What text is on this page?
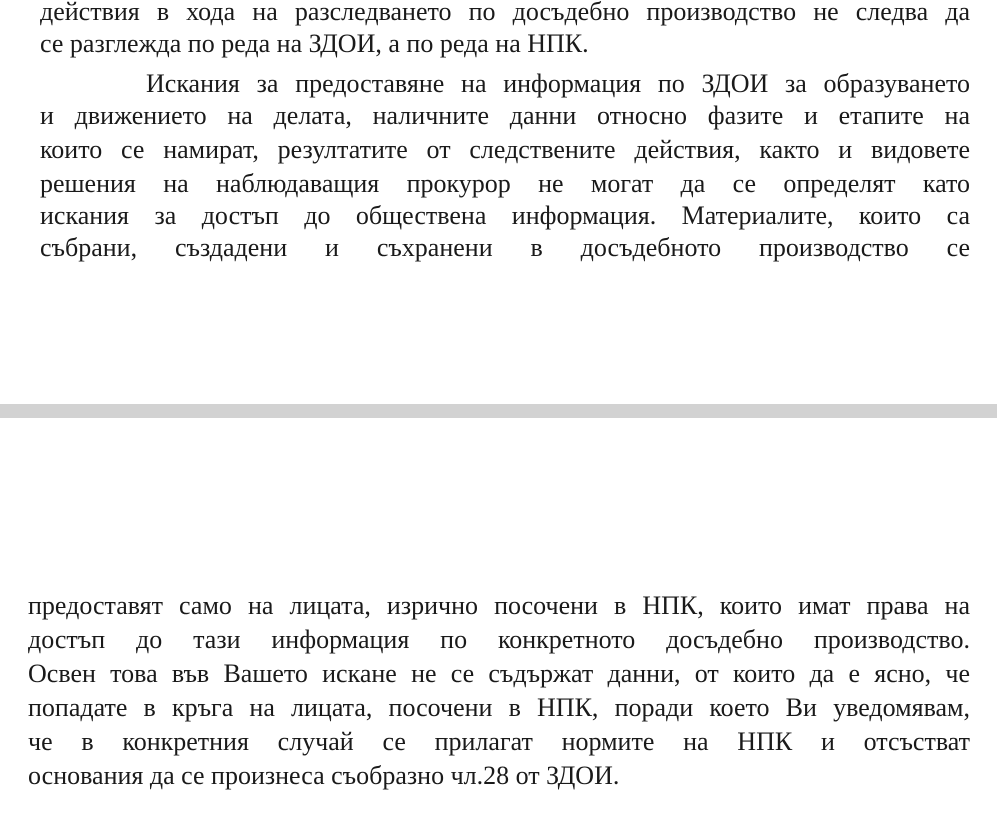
действия в хода на разследването по досъдебно производство не следва да

се разглежда по реда на ЗДОИ, а по реда на НПК.

Искания за предоставяне на информация по ЗДОИ за образуването

и движението на делата, наличните данни относно фазите и етапите на

които се намират, резултатите от следствените действия, както и видовете

решения на наблюдаващия прокурор не могат да се определят като

искания за достъп до обществена информация. Материалите, които са

събрани, създадени и съхранени в досъдебното производство се

предоставят само на лицата, изрично посочени в НПК, които имат права на

достъп до тази информация по конкретното досъдебно производство.

Освен това във Вашето искане не се съдържат данни, от които да е ясно, че

попадате в кръга на лицата, посочени в НПК, поради което Ви уведомявам,

че в конкретния случай се прилагат нормите на НПК и отсъстват

основания да се произнеса съобразно чл.28 от ЗДОИ.
